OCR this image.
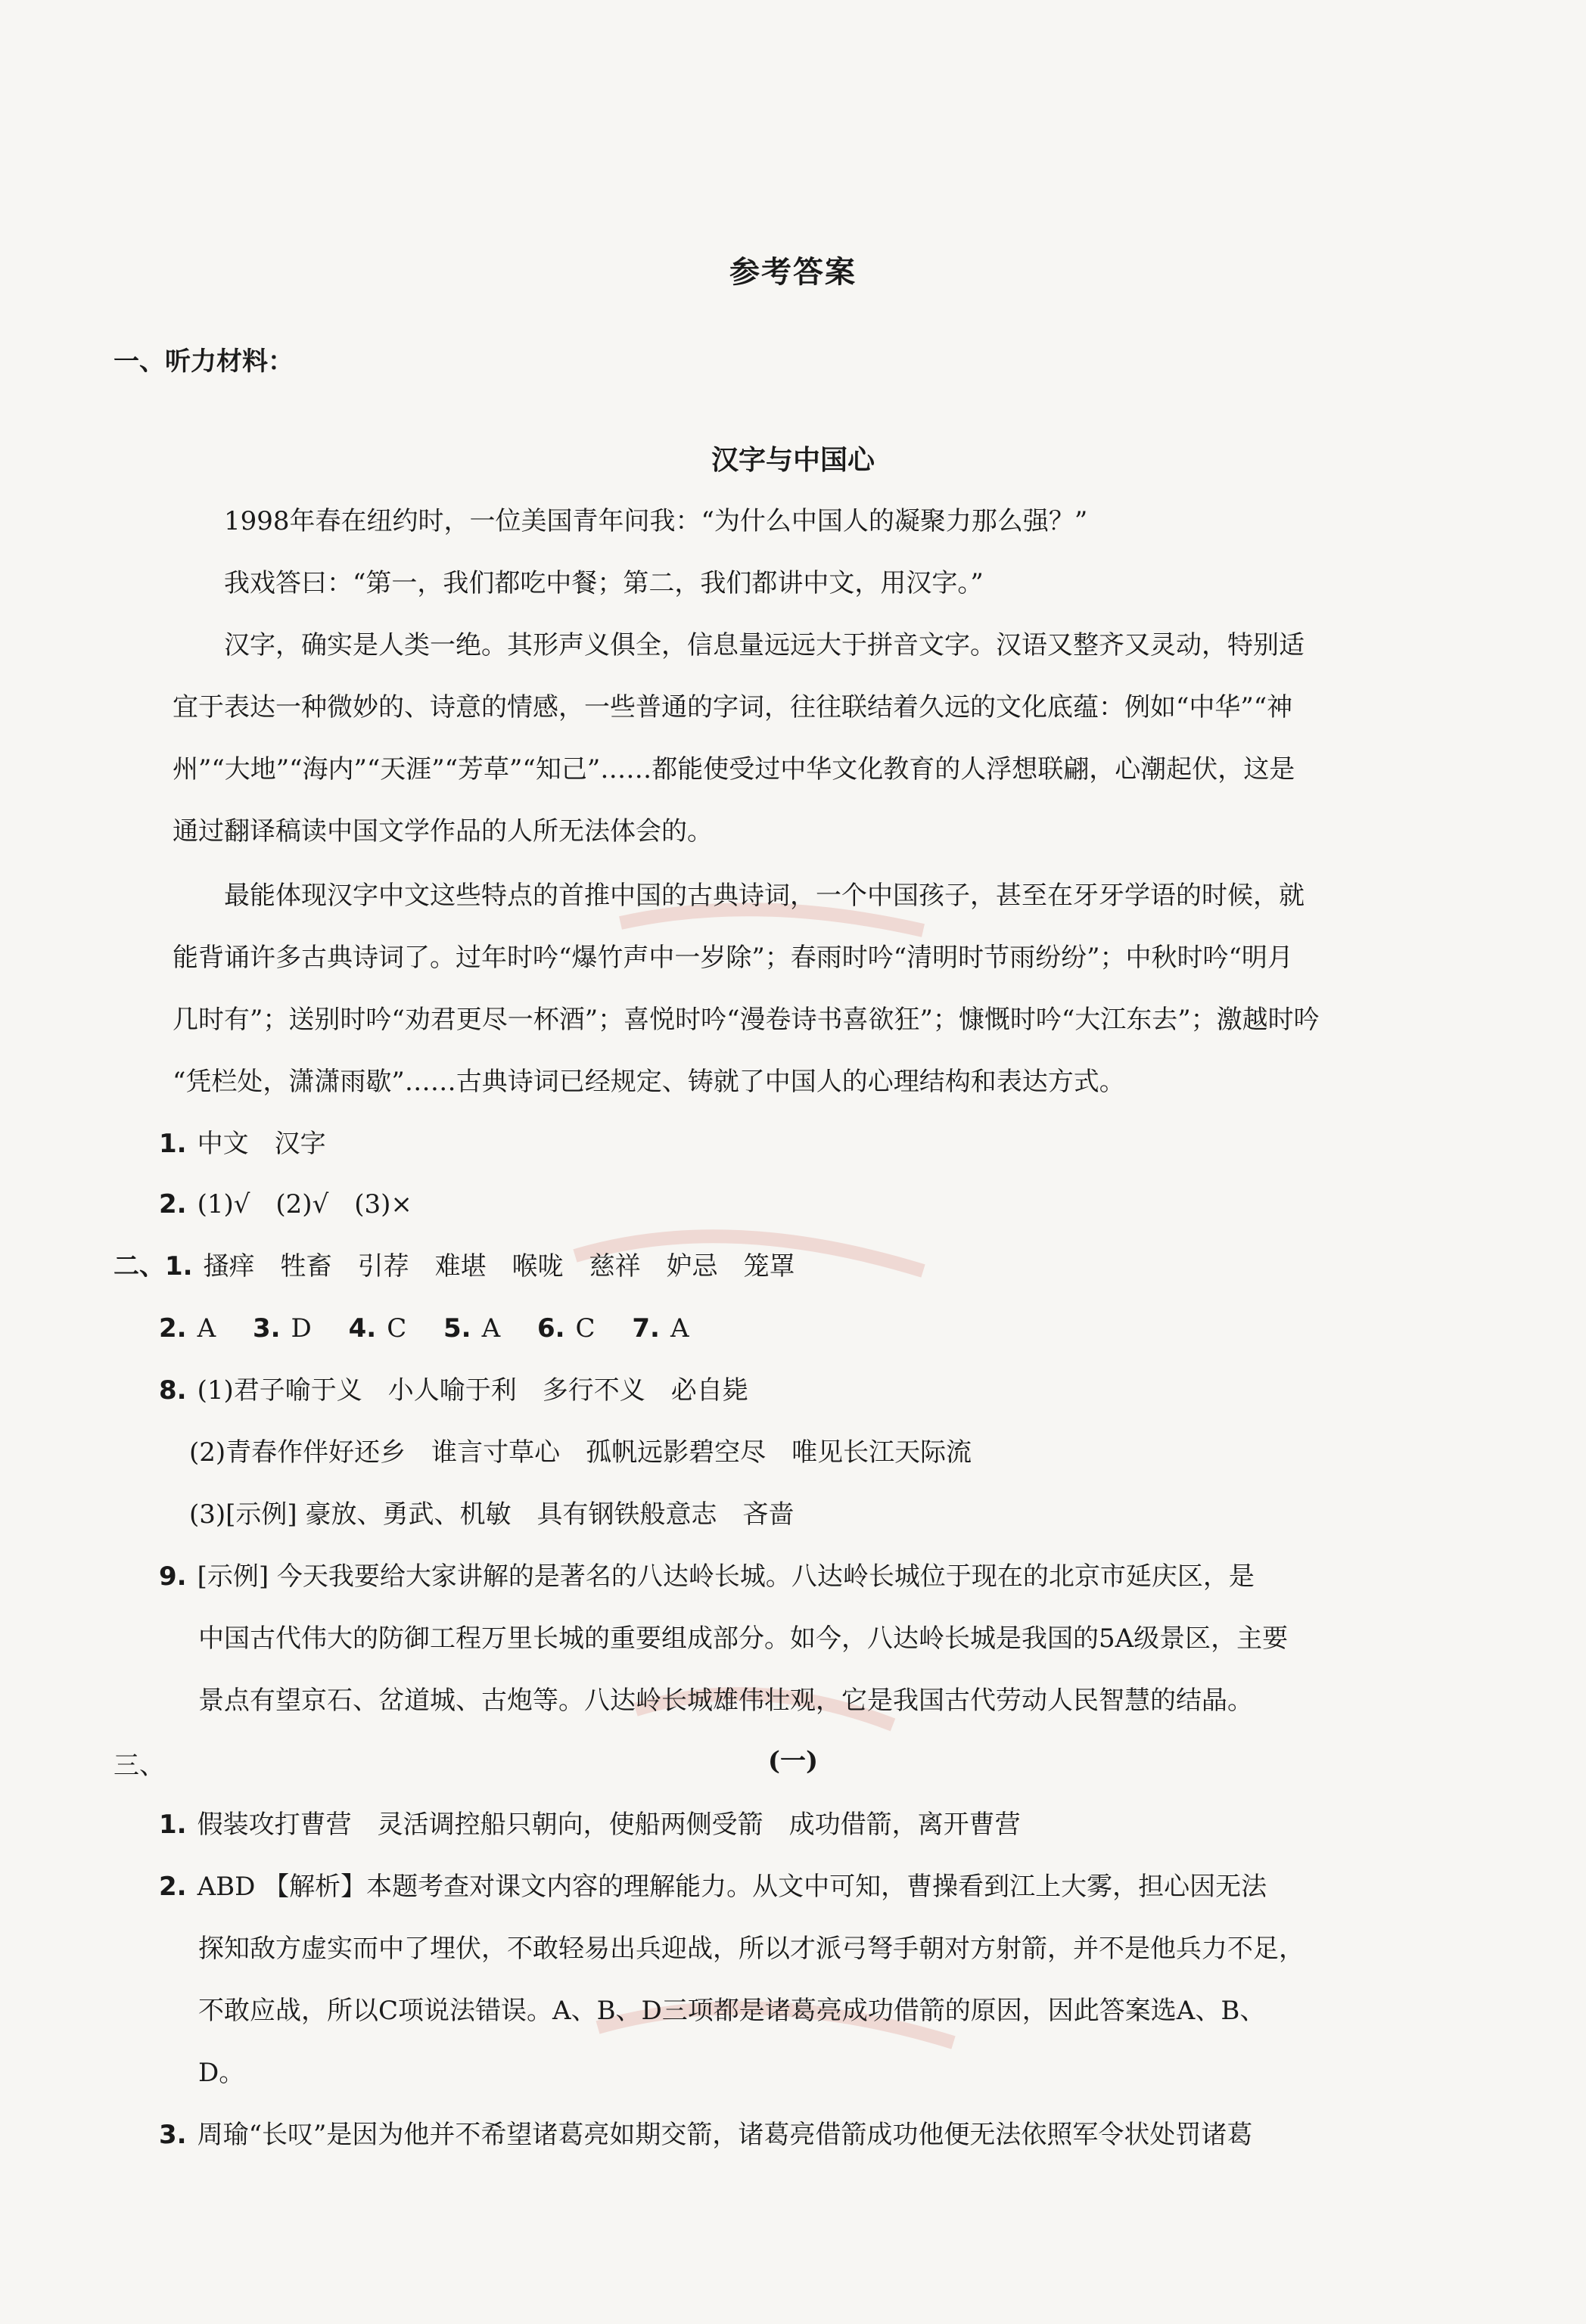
参考答案
一、听力材料：
汉字与中国心
1998年春在纽约时，一位美国青年问我：“为什么中国人的凝聚力那么强？”
我戏答曰：“第一，我们都吃中餐；第二，我们都讲中文，用汉字。”
汉字，确实是人类一绝。其形声义俱全，信息量远远大于拼音文字。汉语又整齐又灵动，特别适
宜于表达一种微妙的、诗意的情感，一些普通的字词，往往联结着久远的文化底蕴：例如“中华”“神
州”“大地”“海内”“天涯”“芳草”“知己”……都能使受过中华文化教育的人浮想联翩，心潮起伏，这是
通过翻译稿读中国文学作品的人所无法体会的。
最能体现汉字中文这些特点的首推中国的古典诗词，一个中国孩子，甚至在牙牙学语的时候，就
能背诵许多古典诗词了。过年时吟“爆竹声中一岁除”；春雨时吟“清明时节雨纷纷”；中秋时吟“明月
几时有”；送别时吟“劝君更尽一杯酒”；喜悦时吟“漫卷诗书喜欲狂”；慷慨时吟“大江东去”；激越时吟
“凭栏处，潇潇雨歇”……古典诗词已经规定、铸就了中国人的心理结构和表达方式。
1. 中文　汉字
2. (1)√　(2)√　(3)×
二、1. 搔痒　牲畜　引荐　难堪　喉咙　慈祥　妒忌　笼罩
2. A 3. D 4. C 5. A 6. C 7. A
8. (1)君子喻于义　小人喻于利　多行不义　必自毙
(2)青春作伴好还乡　谁言寸草心　孤帆远影碧空尽　唯见长江天际流
(3)[示例] 豪放、勇武、机敏　具有钢铁般意志　吝啬
9. [示例] 今天我要给大家讲解的是著名的八达岭长城。八达岭长城位于现在的北京市延庆区，是
中国古代伟大的防御工程万里长城的重要组成部分。如今，八达岭长城是我国的5A级景区，主要
景点有望京石、岔道城、古炮等。八达岭长城雄伟壮观，它是我国古代劳动人民智慧的结晶。
三、	(一)
1. 假装攻打曹营　灵活调控船只朝向，使船两侧受箭　成功借箭，离开曹营
2. ABD 【解析】本题考查对课文内容的理解能力。从文中可知，曹操看到江上大雾，担心因无法
探知敌方虚实而中了埋伏，不敢轻易出兵迎战，所以才派弓弩手朝对方射箭，并不是他兵力不足，
不敢应战，所以C项说法错误。A、B、D三项都是诸葛亮成功借箭的原因，因此答案选A、B、
D。
3. 周瑜“长叹”是因为他并不希望诸葛亮如期交箭，诸葛亮借箭成功他便无法依照军令状处罚诸葛
